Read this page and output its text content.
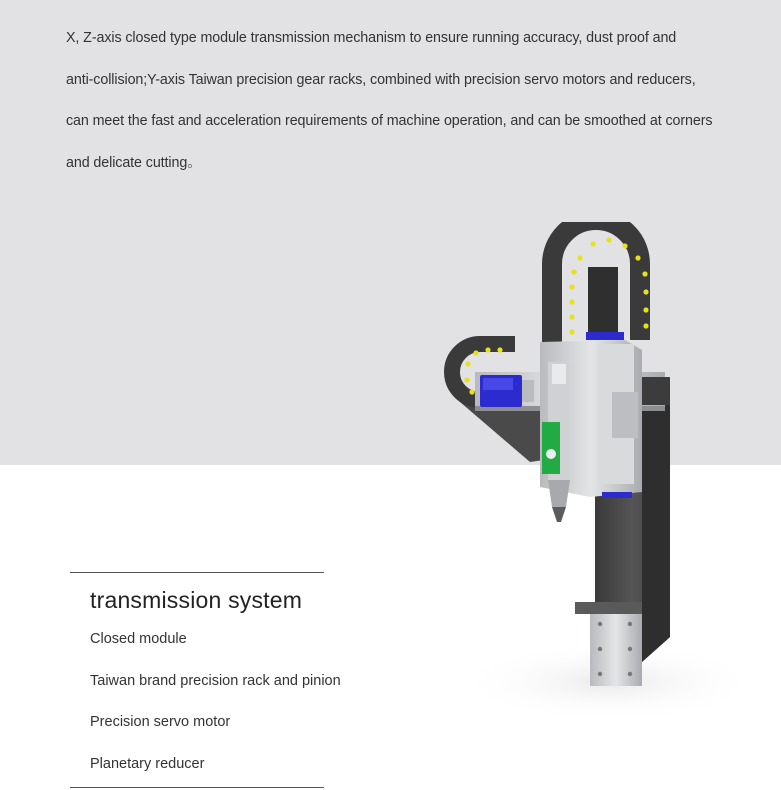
X, Z-axis closed type module transmission mechanism to ensure running accuracy, dust proof and
anti-collision;Y-axis Taiwan precision gear racks, combined with precision servo motors and reducers,
can meet the fast and acceleration requirements of machine operation, and can be smoothed at corners
and delicate cutting。
transmission system
Closed module
Taiwan brand precision rack and pinion
Precision servo motor
Planetary reducer
